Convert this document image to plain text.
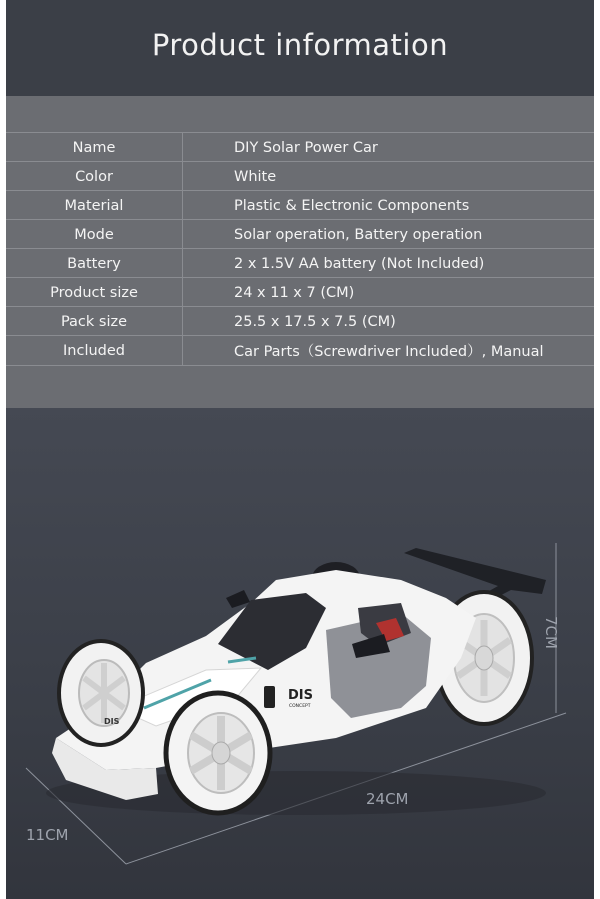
Product information
Name	DIY Solar Power Car
Color	White
Material	Plastic & Electronic Components
Mode	Solar operation, Battery operation
Battery	2 x 1.5V AA battery (Not Included)
Product size	24 x 11 x 7 (CM)
Pack size	25.5 x 17.5 x 7.5 (CM)
Included	Car Parts（Screwdriver Included）, Manual
DIS
CONCEPT
DIS
7CM
24CM
11CM
